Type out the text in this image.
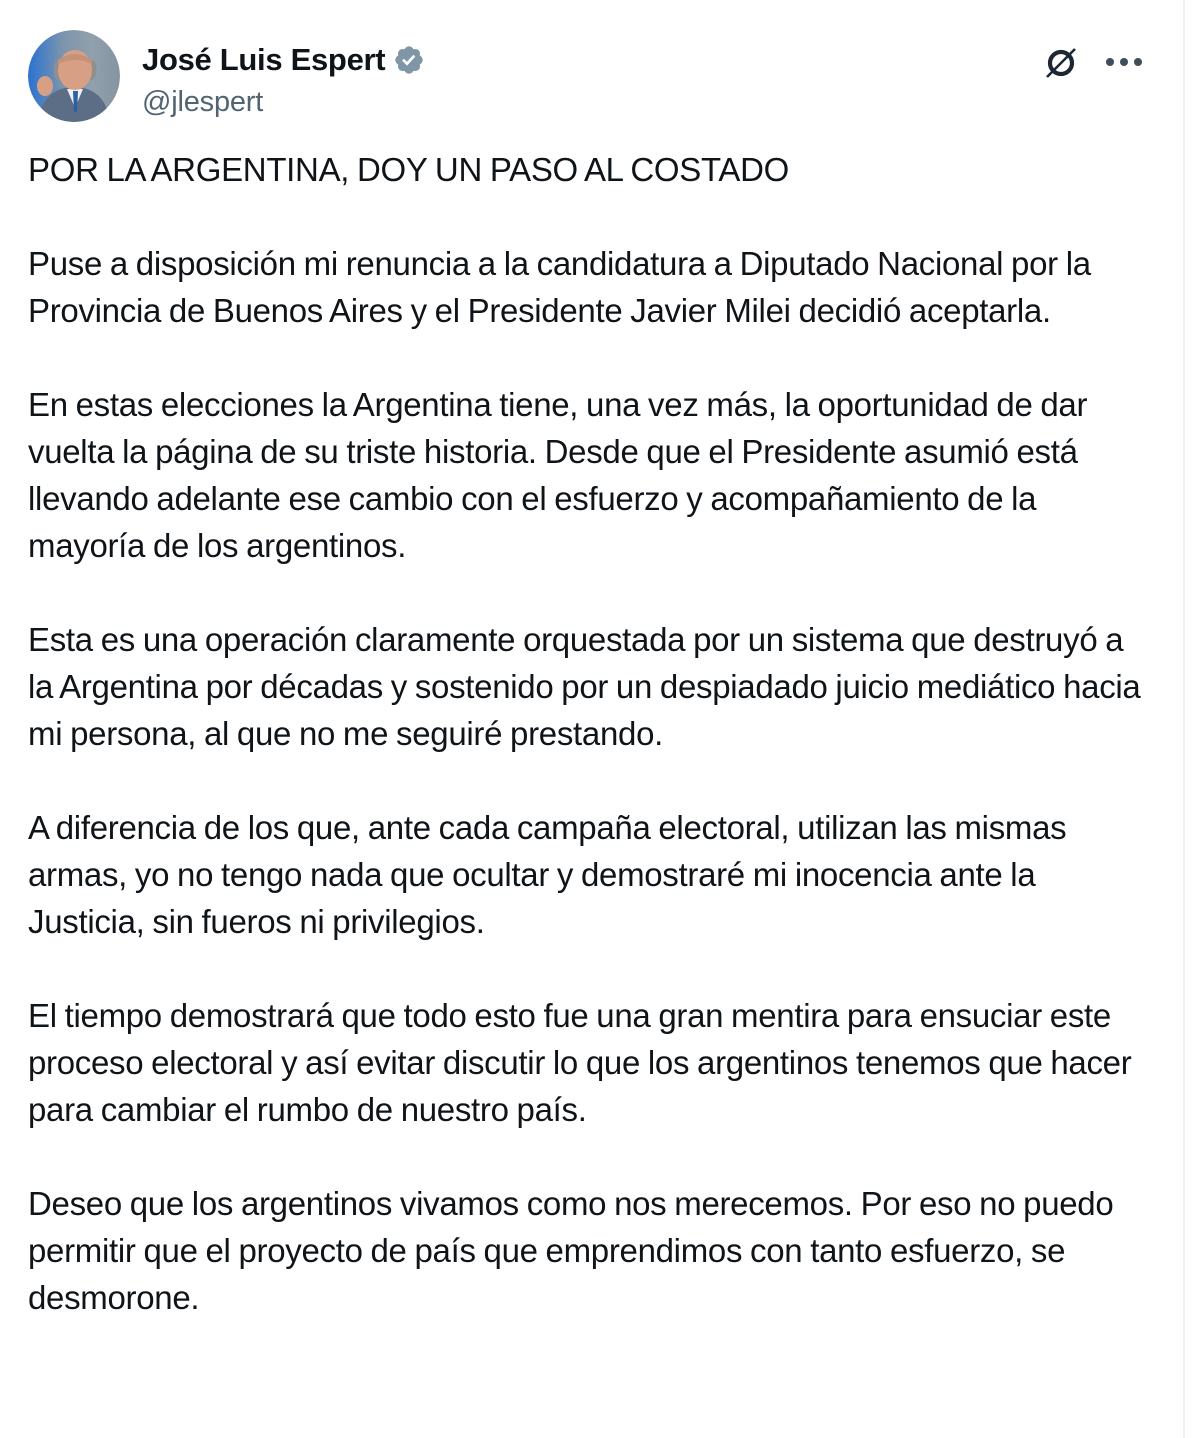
José Luis Espert
@jlespert

POR LA ARGENTINA, DOY UN PASO AL COSTADO

Puse a disposición mi renuncia a la candidatura a Diputado Nacional por la Provincia de Buenos Aires y el Presidente Javier Milei decidió aceptarla.

En estas elecciones la Argentina tiene, una vez más, la oportunidad de dar vuelta la página de su triste historia. Desde que el Presidente asumió está llevando adelante ese cambio con el esfuerzo y acompañamiento de la mayoría de los argentinos.

Esta es una operación claramente orquestada por un sistema que destruyó a la Argentina por décadas y sostenido por un despiadado juicio mediático hacia mi persona, al que no me seguiré prestando.

A diferencia de los que, ante cada campaña electoral, utilizan las mismas armas, yo no tengo nada que ocultar y demostraré mi inocencia ante la Justicia, sin fueros ni privilegios.

El tiempo demostrará que todo esto fue una gran mentira para ensuciar este proceso electoral y así evitar discutir lo que los argentinos tenemos que hacer para cambiar el rumbo de nuestro país.

Deseo que los argentinos vivamos como nos merecemos. Por eso no puedo permitir que el proyecto de país que emprendimos con tanto esfuerzo, se desmorone.
